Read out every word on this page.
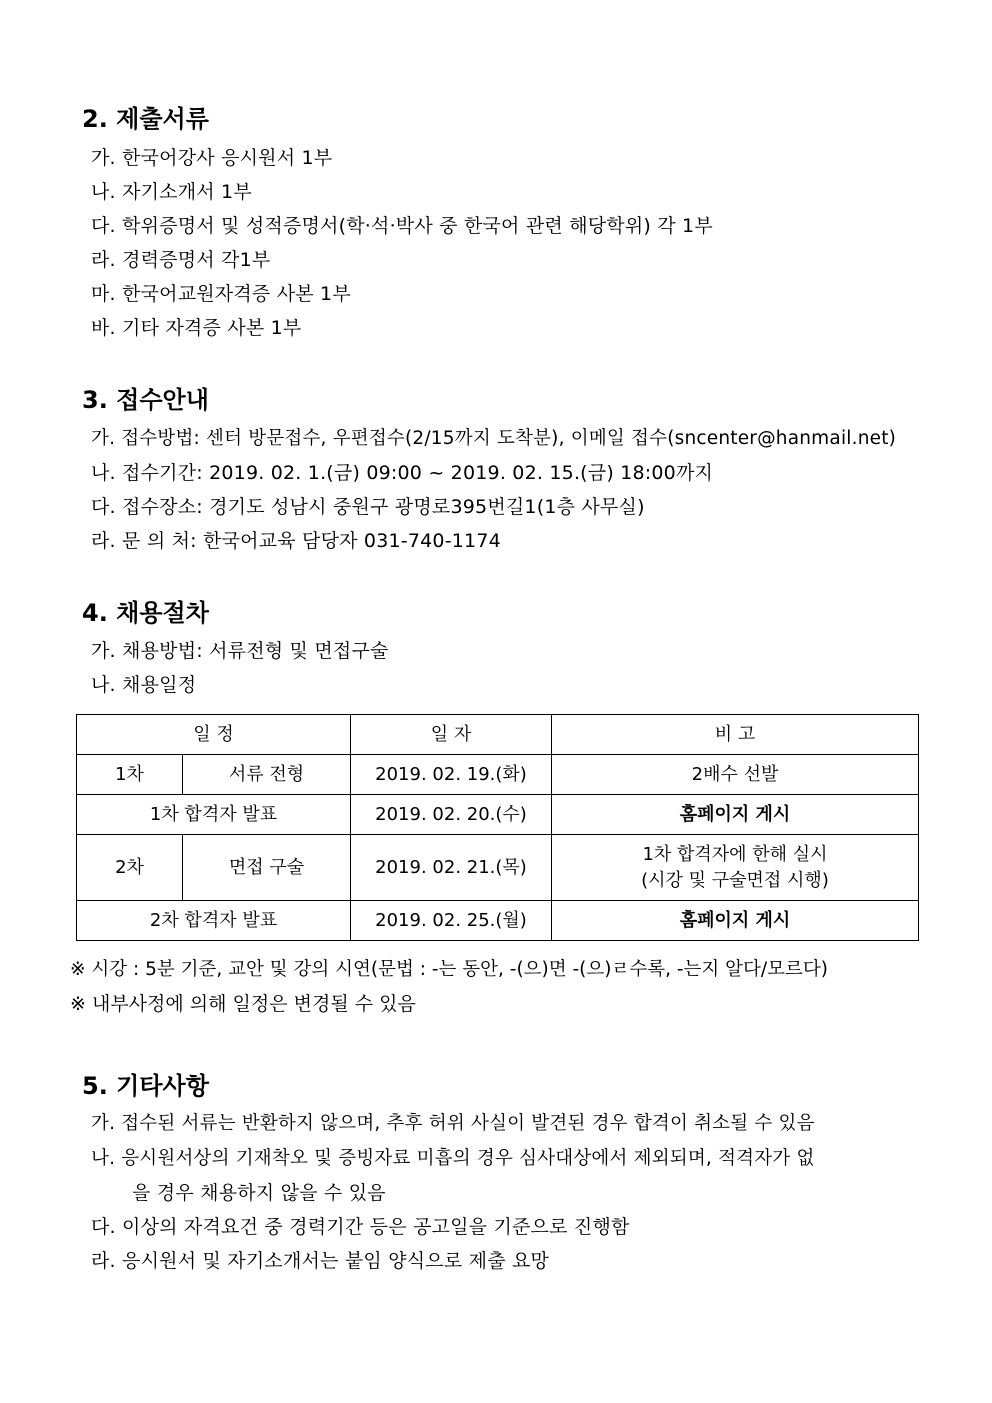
2. 제출서류
가. 한국어강사 응시원서 1부
나. 자기소개서 1부
다. 학위증명서 및 성적증명서(학·석·박사 중 한국어 관련 해당학위) 각 1부
라. 경력증명서 각1부
마. 한국어교원자격증 사본 1부
바. 기타 자격증 사본 1부
3. 접수안내
가. 접수방법: 센터 방문접수, 우편접수(2/15까지 도착분), 이메일 접수(sncenter@hanmail.net)
나. 접수기간: 2019. 02. 1.(금) 09:00 ~ 2019. 02. 15.(금) 18:00까지
다. 접수장소: 경기도 성남시 중원구 광명로395번길1(1층 사무실)
라. 문 의 처: 한국어교육 담당자 031-740-1174
4. 채용절차
가. 채용방법: 서류전형 및 면접구술
나. 채용일정
일 정		일 자	비 고
1차	서류 전형	2019. 02. 19.(화)	2배수 선발
1차 합격자 발표		2019. 02. 20.(수)	홈페이지 게시
2차	면접 구술	2019. 02. 21.(목)	1차 합격자에 한해 실시
(시강 및 구술면접 시행)

2차 합격자 발표		2019. 02. 25.(월)	홈페이지 게시
※ 시강 : 5분 기준, 교안 및 강의 시연(문법 : -는 동안, -(으)면 -(으)ㄹ수록, -는지 알다/모르다)
※ 내부사정에 의해 일정은 변경될 수 있음
5. 기타사항
가. 접수된 서류는 반환하지 않으며, 추후 허위 사실이 발견된 경우 합격이 취소될 수 있음
나. 응시원서상의 기재착오 및 증빙자료 미흡의 경우 심사대상에서 제외되며, 적격자가 없
을 경우 채용하지 않을 수 있음
다. 이상의 자격요건 중 경력기간 등은 공고일을 기준으로 진행함
라. 응시원서 및 자기소개서는 붙임 양식으로 제출 요망
